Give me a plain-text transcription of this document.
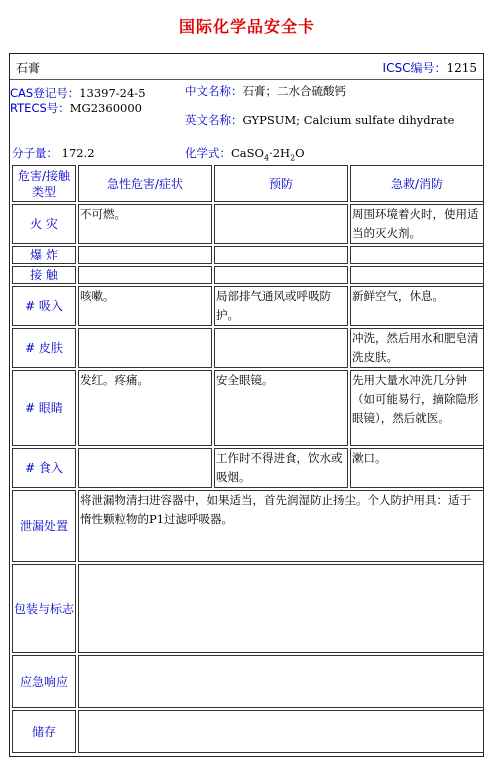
国际化学品安全卡
石膏	ICSC编号：1215
CAS登记号：13397-24-5
RTECS号：MG2360000
中文名称：石膏；二水合硫酸钙
英文名称：GYPSUM; Calcium sulfate dihydrate
分子量： 172.2	化学式：$CaSO_4\cdot 2H_2O$
危害/接触类型	急性危害/症状	预防	急救/消防
火 灾	不可燃。		周围环境着火时，使用适当的灭火剂。
爆 炸			
接 触			
# 吸入	咳嗽。	局部排气通风或呼吸防护。	新鲜空气，休息。
# 皮肤			冲洗，然后用水和肥皂清洗皮肤。
# 眼睛	发红。疼痛。	安全眼镜。	先用大量水冲洗几分钟（如可能易行，摘除隐形眼镜），然后就医。
# 食入		工作时不得进食，饮水或吸烟。	漱口。
泄漏处置	将泄漏物清扫进容器中，如果适当，首先润湿防止扬尘。个人防护用具：适于惰性颗粒物的P1过滤呼吸器。		
包装与标志			
应急响应			
储存			
